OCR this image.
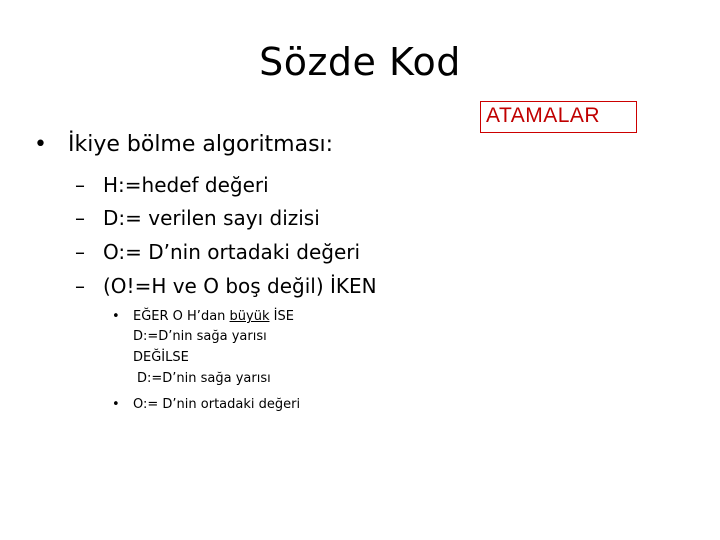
Sözde Kod
ATAMALAR
• İkiye bölme algoritması:
– H:=hedef değeri
– D:= verilen sayı dizisi
– O:= D’nin ortadaki değeri
– (O!=H ve O boş değil) İKEN
• EĞER O H’dan büyük İSE
D:=D’nin sağa yarısı
DEĞİLSE
D:=D’nin sağa yarısı
• O:= D’nin ortadaki değeri
